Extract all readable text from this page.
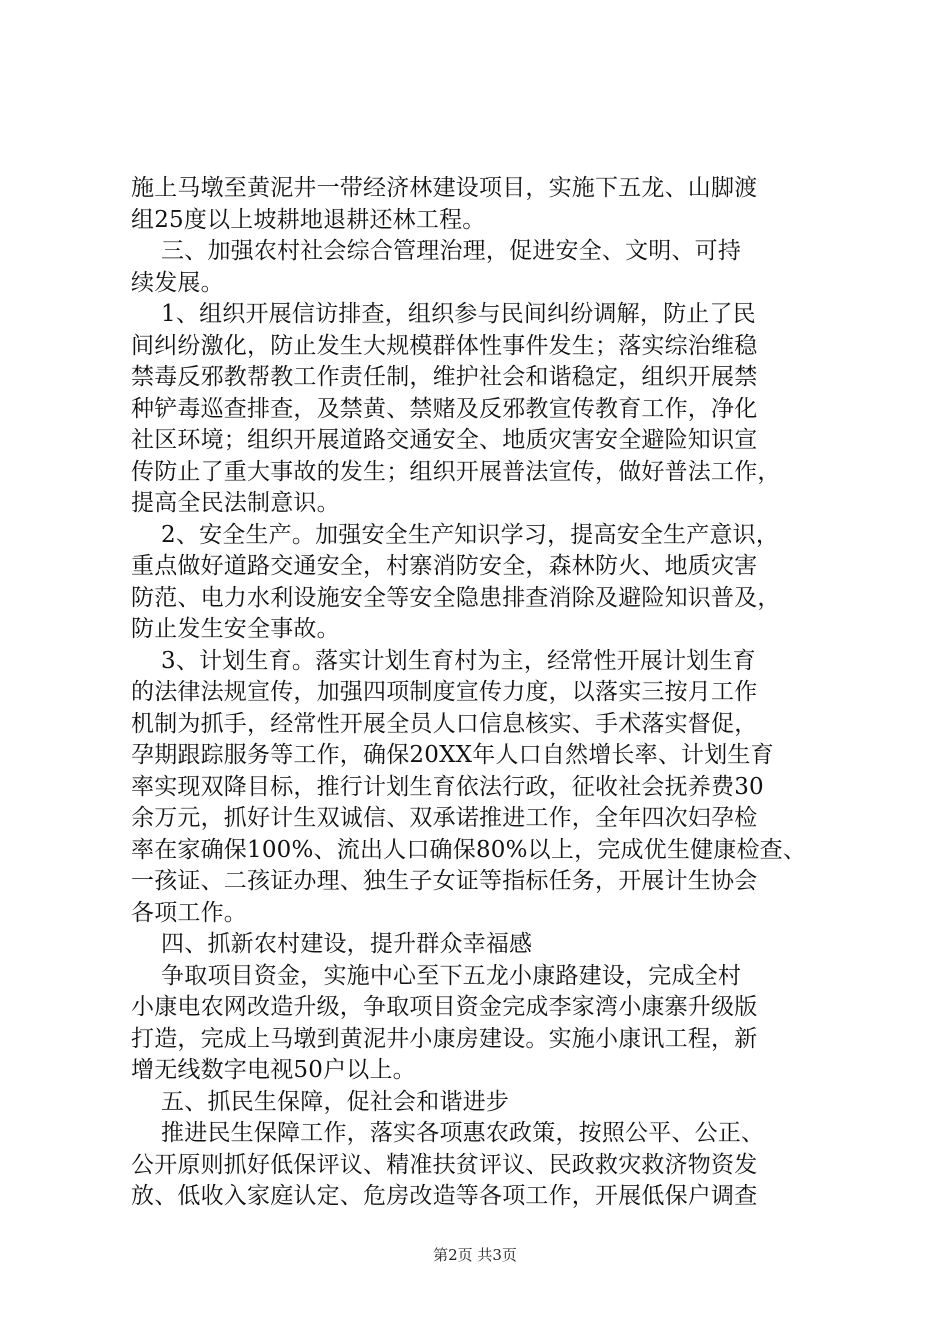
施上马墩至黄泥井一带经济林建设项目，实施下五龙、山脚渡
组25度以上坡耕地退耕还林工程。
三、加强农村社会综合管理治理，促进安全、文明、可持
续发展。
1、组织开展信访排查，组织参与民间纠纷调解，防止了民
间纠纷激化，防止发生大规模群体性事件发生；落实综治维稳
禁毒反邪教帮教工作责任制，维护社会和谐稳定，组织开展禁
种铲毒巡查排查，及禁黄、禁赌及反邪教宣传教育工作，净化
社区环境；组织开展道路交通安全、地质灾害安全避险知识宣
传防止了重大事故的发生；组织开展普法宣传，做好普法工作，
提高全民法制意识。
2、安全生产。加强安全生产知识学习，提高安全生产意识，
重点做好道路交通安全，村寨消防安全，森林防火、地质灾害
防范、电力水利设施安全等安全隐患排查消除及避险知识普及，
防止发生安全事故。
3、计划生育。落实计划生育村为主，经常性开展计划生育
的法律法规宣传，加强四项制度宣传力度，以落实三按月工作
机制为抓手，经常性开展全员人口信息核实、手术落实督促，
孕期跟踪服务等工作，确保20XX年人口自然增长率、计划生育
率实现双降目标，推行计划生育依法行政，征收社会抚养费30
余万元，抓好计生双诚信、双承诺推进工作，全年四次妇孕检
率在家确保100%、流出人口确保80%以上，完成优生健康检查、
一孩证、二孩证办理、独生子女证等指标任务，开展计生协会
各项工作。
四、抓新农村建设，提升群众幸福感
争取项目资金，实施中心至下五龙小康路建设，完成全村
小康电农网改造升级，争取项目资金完成李家湾小康寨升级版
打造，完成上马墩到黄泥井小康房建设。实施小康讯工程，新
增无线数字电视50户以上。
五、抓民生保障，促社会和谐进步
推进民生保障工作，落实各项惠农政策，按照公平、公正、
公开原则抓好低保评议、精准扶贫评议、民政救灾救济物资发
放、低收入家庭认定、危房改造等各项工作，开展低保户调查
第2页 共3页
